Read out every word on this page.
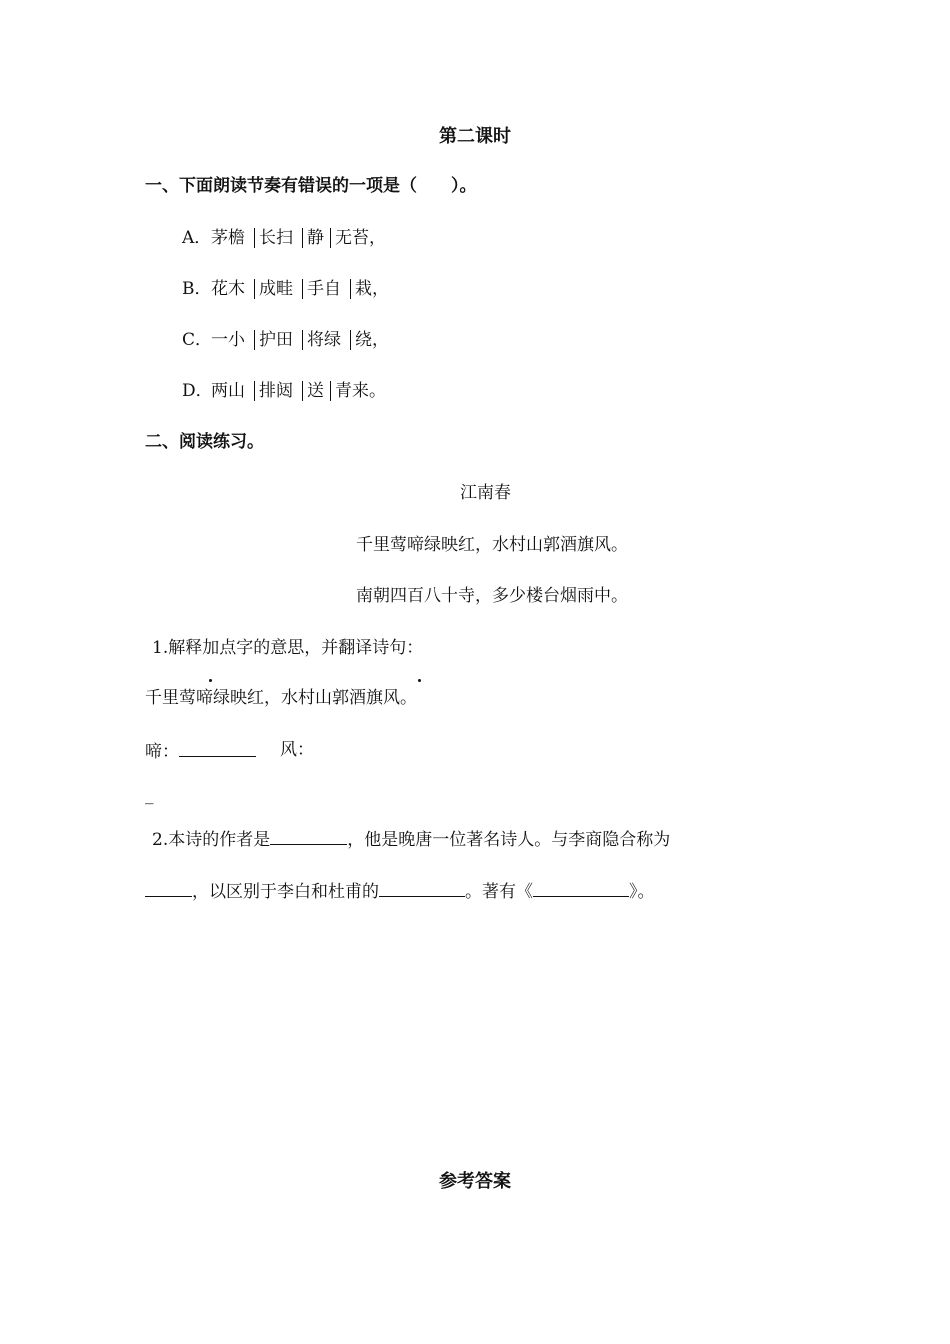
第二课时
一、下面朗读节奏有错误的一项是（　　）。
A． 茅檐 长扫 静 无苔，
B． 花木 成畦 手自 栽，
C．
一小 护田 将绿 绕，
D．
两山 排闼 送 青来。
二、阅读练习。
江南春
千里莺啼绿映红，水村山郭酒旗风。
南朝四百八十寺，多少楼台烟雨中。
1.解释加点字的意思，并翻译诗句：
千里莺啼绿映红，水村山郭酒旗风。
啼：	风：
_
2.本诗的作者是	，他是晚唐一位著名诗人。与李商隐合称为
，以区别于李白和杜甫的	。著有《	》。
参考答案
